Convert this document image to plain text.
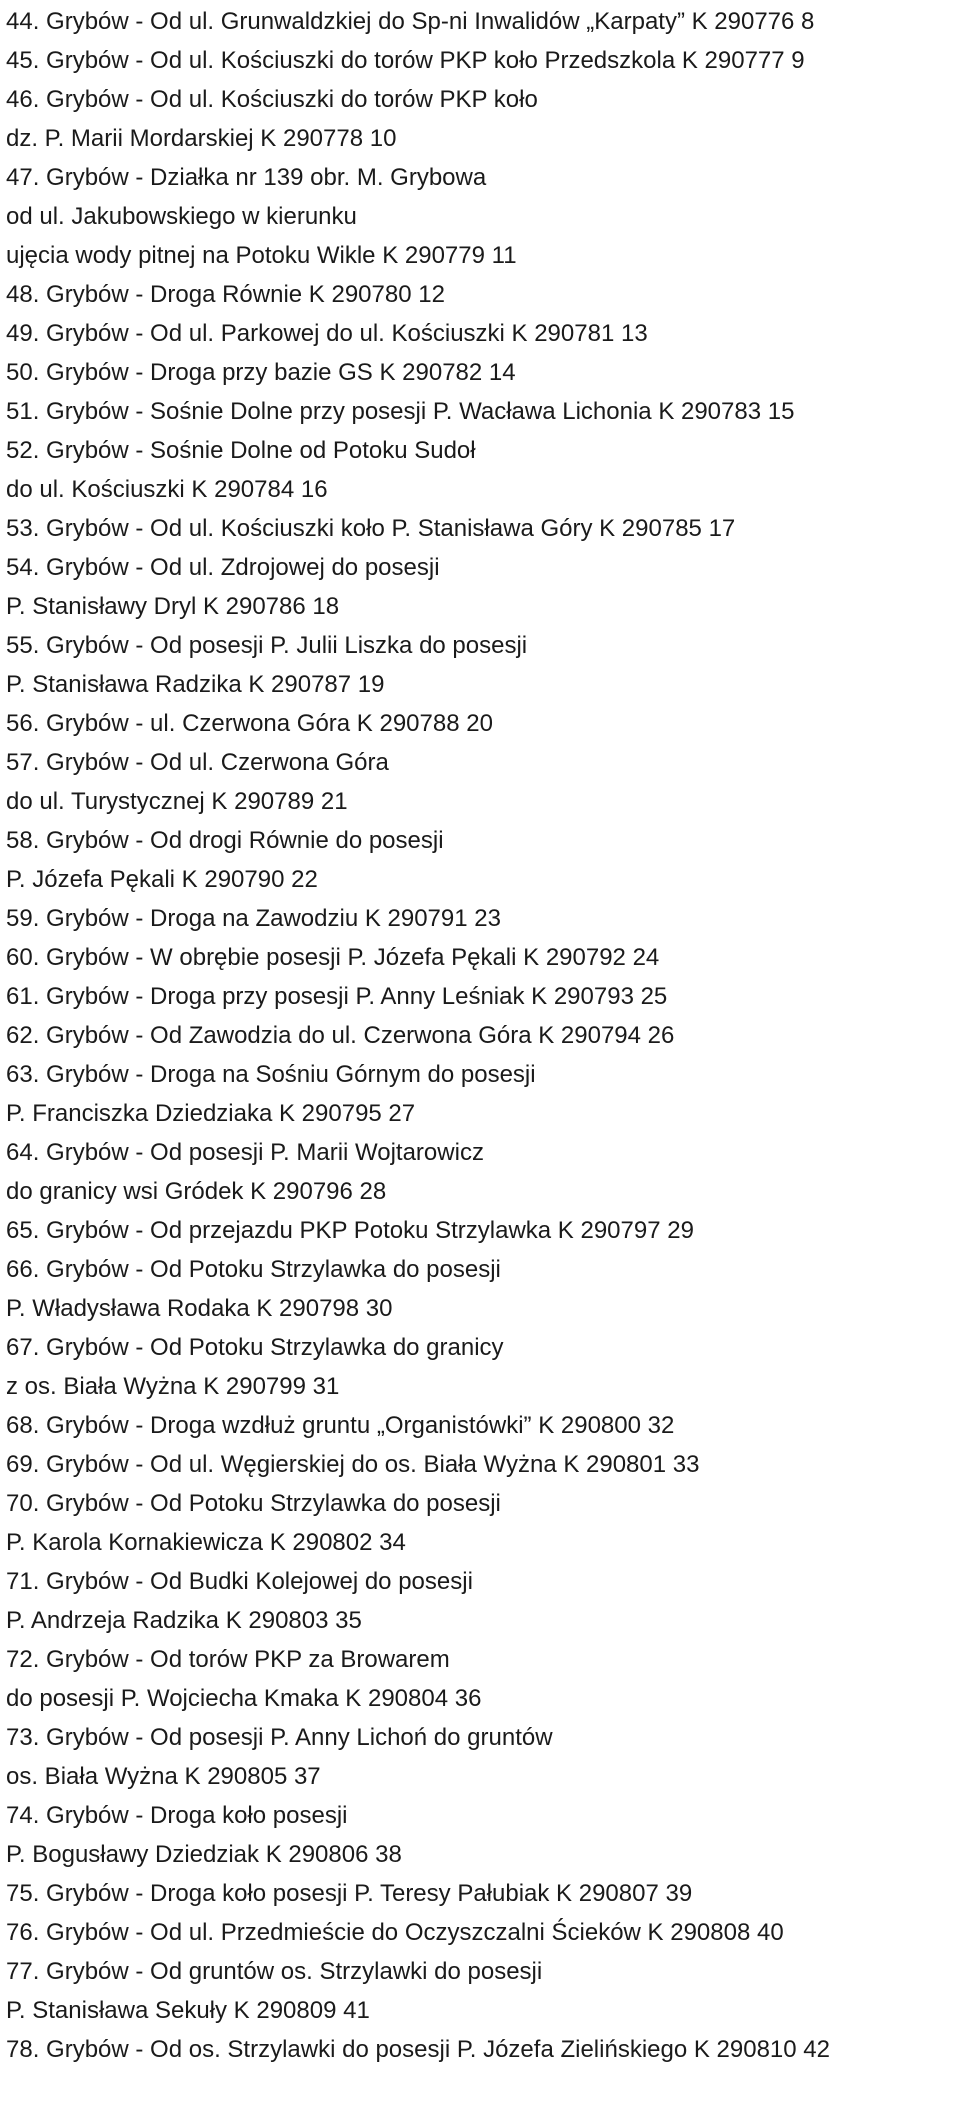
44. Grybów - Od ul. Grunwaldzkiej do Sp-ni Inwalidów „Karpaty” K 290776 8
45. Grybów - Od ul. Kościuszki do torów PKP koło Przedszkola K 290777 9
46. Grybów - Od ul. Kościuszki do torów PKP koło
dz. P. Marii Mordarskiej K 290778 10
47. Grybów - Działka nr 139 obr. M. Grybowa
od ul. Jakubowskiego w kierunku
ujęcia wody pitnej na Potoku Wikle K 290779 11
48. Grybów - Droga Równie K 290780 12
49. Grybów - Od ul. Parkowej do ul. Kościuszki K 290781 13
50. Grybów - Droga przy bazie GS K 290782 14
51. Grybów - Sośnie Dolne przy posesji P. Wacława Lichonia K 290783 15
52. Grybów - Sośnie Dolne od Potoku Sudoł
do ul. Kościuszki K 290784 16
53. Grybów - Od ul. Kościuszki koło P. Stanisława Góry K 290785 17
54. Grybów - Od ul. Zdrojowej do posesji
P. Stanisławy Dryl K 290786 18
55. Grybów - Od posesji P. Julii Liszka do posesji
P. Stanisława Radzika K 290787 19
56. Grybów - ul. Czerwona Góra K 290788 20
57. Grybów - Od ul. Czerwona Góra
do ul. Turystycznej K 290789 21
58. Grybów - Od drogi Równie do posesji
P. Józefa Pękali K 290790 22
59. Grybów - Droga na Zawodziu K 290791 23
60. Grybów - W obrębie posesji P. Józefa Pękali K 290792 24
61. Grybów - Droga przy posesji P. Anny Leśniak K 290793 25
62. Grybów - Od Zawodzia do ul. Czerwona Góra K 290794 26
63. Grybów - Droga na Sośniu Górnym do posesji
P. Franciszka Dziedziaka K 290795 27
64. Grybów - Od posesji P. Marii Wojtarowicz
do granicy wsi Gródek K 290796 28
65. Grybów - Od przejazdu PKP Potoku Strzylawka K 290797 29
66. Grybów - Od Potoku Strzylawka do posesji
P. Władysława Rodaka K 290798 30
67. Grybów - Od Potoku Strzylawka do granicy
z os. Biała Wyżna K 290799 31
68. Grybów - Droga wzdłuż gruntu „Organistówki” K 290800 32
69. Grybów - Od ul. Węgierskiej do os. Biała Wyżna K 290801 33
70. Grybów - Od Potoku Strzylawka do posesji
P. Karola Kornakiewicza K 290802 34
71. Grybów - Od Budki Kolejowej do posesji
P. Andrzeja Radzika K 290803 35
72. Grybów - Od torów PKP za Browarem
do posesji P. Wojciecha Kmaka K 290804 36
73. Grybów - Od posesji P. Anny Lichoń do gruntów
os. Biała Wyżna K 290805 37
74. Grybów - Droga koło posesji
P. Bogusławy Dziedziak K 290806 38
75. Grybów - Droga koło posesji P. Teresy Pałubiak K 290807 39
76. Grybów - Od ul. Przedmieście do Oczyszczalni Ścieków K 290808 40
77. Grybów - Od gruntów os. Strzylawki do posesji
P. Stanisława Sekuły K 290809 41
78. Grybów - Od os. Strzylawki do posesji P. Józefa Zielińskiego K 290810 42
